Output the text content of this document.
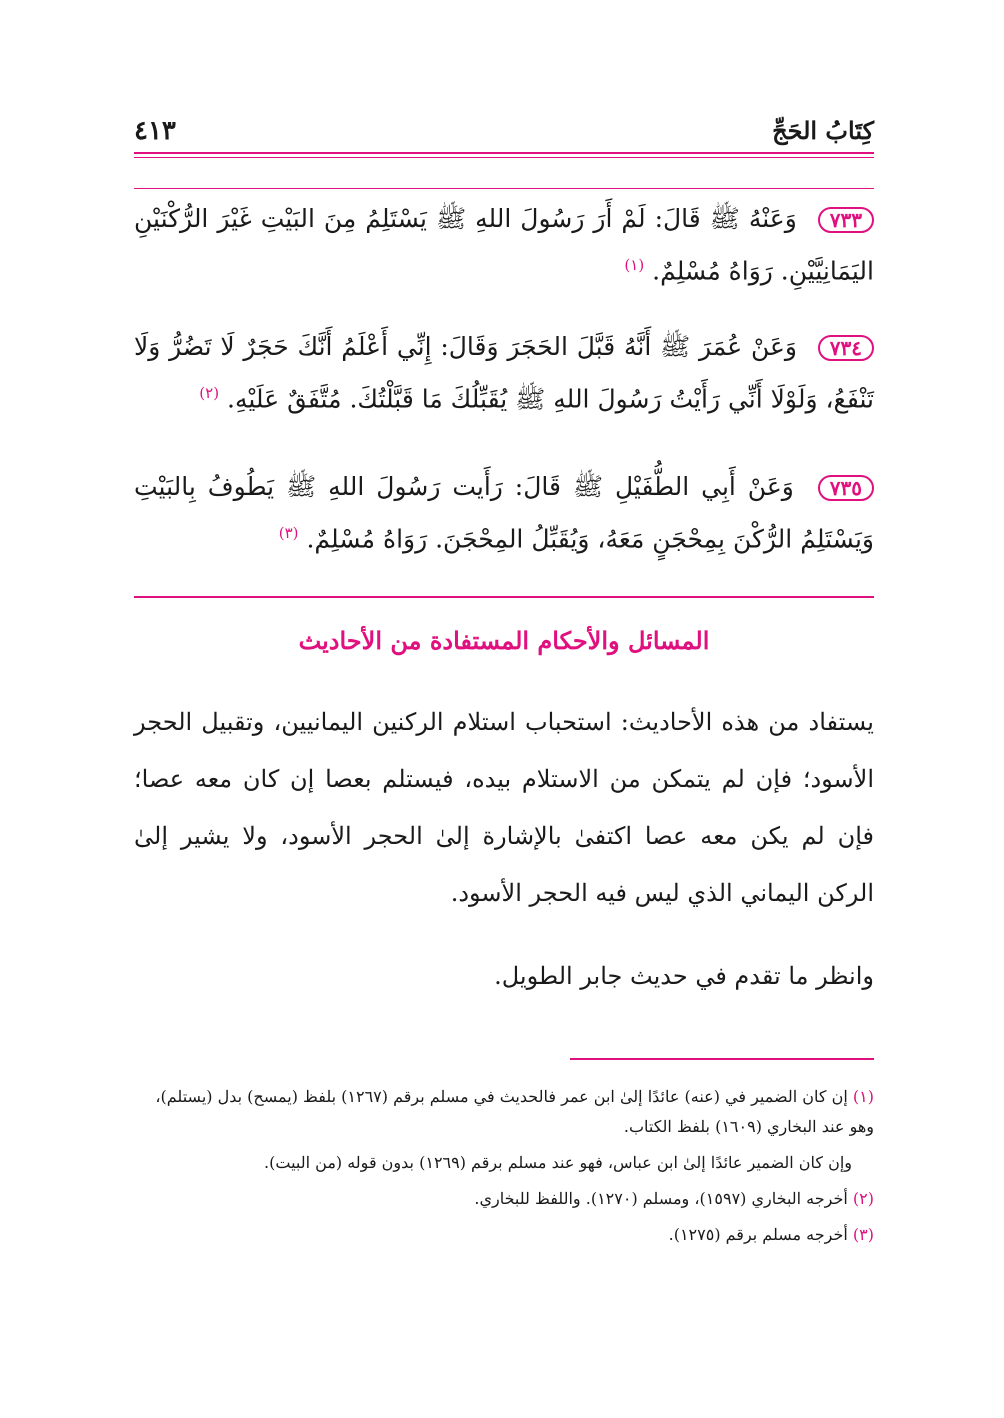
كِتَابُ الحَجِّ
٤١٣
٧٣٣ وَعَنْهُ ﷺ قَالَ: لَمْ أَرَ رَسُولَ اللهِ ﷺ يَسْتَلِمُ مِنَ البَيْتِ غَيْرَ الرُّكْنَيْنِ اليَمَانِيَّيْنِ. رَوَاهُ مُسْلِمٌ. $^{(١)}$
٧٣٤ وَعَنْ عُمَرَ ﷺ أَنَّهُ قَبَّلَ الحَجَرَ وَقَالَ: إِنِّي أَعْلَمُ أَنَّكَ حَجَرٌ لَا تَضُرُّ وَلَا تَنْفَعُ، وَلَوْلَا أَنِّي رَأَيْتُ رَسُولَ اللهِ ﷺ يُقَبِّلُكَ مَا قَبَّلْتُكَ. مُتَّفَقٌ عَلَيْهِ. $^{(٢)}$
٧٣٥ وَعَنْ أَبِي الطُّفَيْلِ ﷺ قَالَ: رَأَيت رَسُولَ اللهِ ﷺ يَطُوفُ بِالبَيْتِ وَيَسْتَلِمُ الرُّكْنَ بِمِحْجَنٍ مَعَهُ، وَيُقَبِّلُ المِحْجَنَ. رَوَاهُ مُسْلِمٌ. $^{(٣)}$
المسائل والأحكام المستفادة من الأحاديث
يستفاد من هذه الأحاديث: استحباب استلام الركنين اليمانيين، وتقبيل الحجر الأسود؛ فإن لم يتمكن من الاستلام بيده، فيستلم بعصا إن كان معه عصا؛ فإن لم يكن معه عصا اكتفىٰ بالإشارة إلىٰ الحجر الأسود، ولا يشير إلىٰ الركن اليماني الذي ليس فيه الحجر الأسود.
وانظر ما تقدم في حديث جابر الطويل.
(١) إن كان الضمير في (عنه) عائدًا إلىٰ ابن عمر فالحديث في مسلم برقم (١٢٦٧) بلفظ (يمسح) بدل (يستلم)، وهو عند البخاري (١٦٠٩) بلفظ الكتاب.
وإن كان الضمير عائدًا إلىٰ ابن عباس، فهو عند مسلم برقم (١٢٦٩) بدون قوله (من البيت).
(٢) أخرجه البخاري (١٥٩٧)، ومسلم (١٢٧٠). واللفظ للبخاري.
(٣) أخرجه مسلم برقم (١٢٧٥).
